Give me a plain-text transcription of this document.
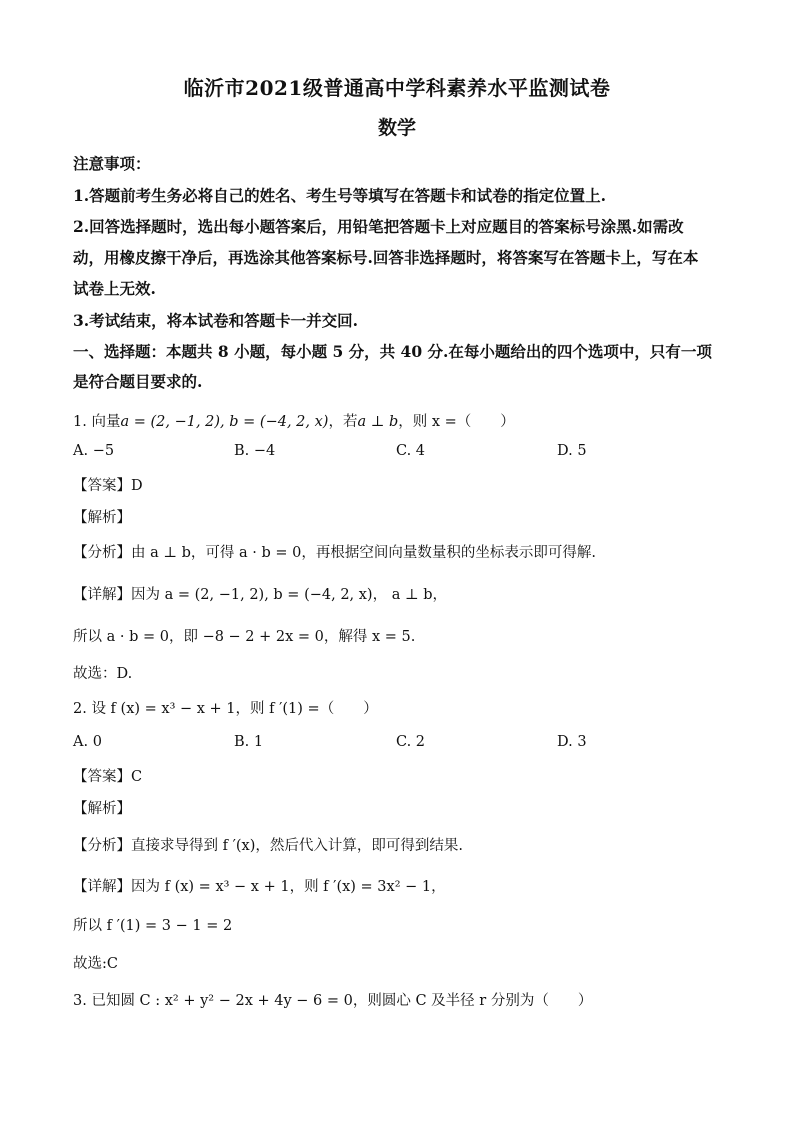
临沂市2021级普通高中学科素养水平监测试卷
数学
注意事项：
1.答题前考生务必将自己的姓名、考生号等填写在答题卡和试卷的指定位置上.
2.回答选择题时，选出每小题答案后，用铅笔把答题卡上对应题目的答案标号涂黑.如需改
动，用橡皮擦干净后，再选涂其他答案标号.回答非选择题时，将答案写在答题卡上，写在本
试卷上无效.
3.考试结束，将本试卷和答题卡一并交回.
一、选择题：本题共 8 小题，每小题 5 分，共 40 分.在每小题给出的四个选项中，只有一项
是符合题目要求的.
1. 向量a = (2, −1, 2), b = (−4, 2, x)，若a ⊥ b，则 x =（　　）
A. −5	B. −4	C. 4	D. 5
【答案】D
【解析】
【分析】由 a ⊥ b，可得 a · b = 0，再根据空间向量数量积的坐标表示即可得解.
【详解】因为 a = (2, −1, 2), b = (−4, 2, x)， a ⊥ b，
所以 a · b = 0，即 −8 − 2 + 2x = 0，解得 x = 5.
故选：D.
2. 设 f (x) = x³ − x + 1，则 f ′(1) =（　　）
A. 0	B. 1	C. 2	D. 3
【答案】C
【解析】
【分析】直接求导得到 f ′(x)，然后代入计算，即可得到结果.
【详解】因为 f (x) = x³ − x + 1，则 f ′(x) = 3x² − 1，
所以 f ′(1) = 3 − 1 = 2
故选:C
3. 已知圆 C : x² + y² − 2x + 4y − 6 = 0，则圆心 C 及半径 r 分别为（　　）
